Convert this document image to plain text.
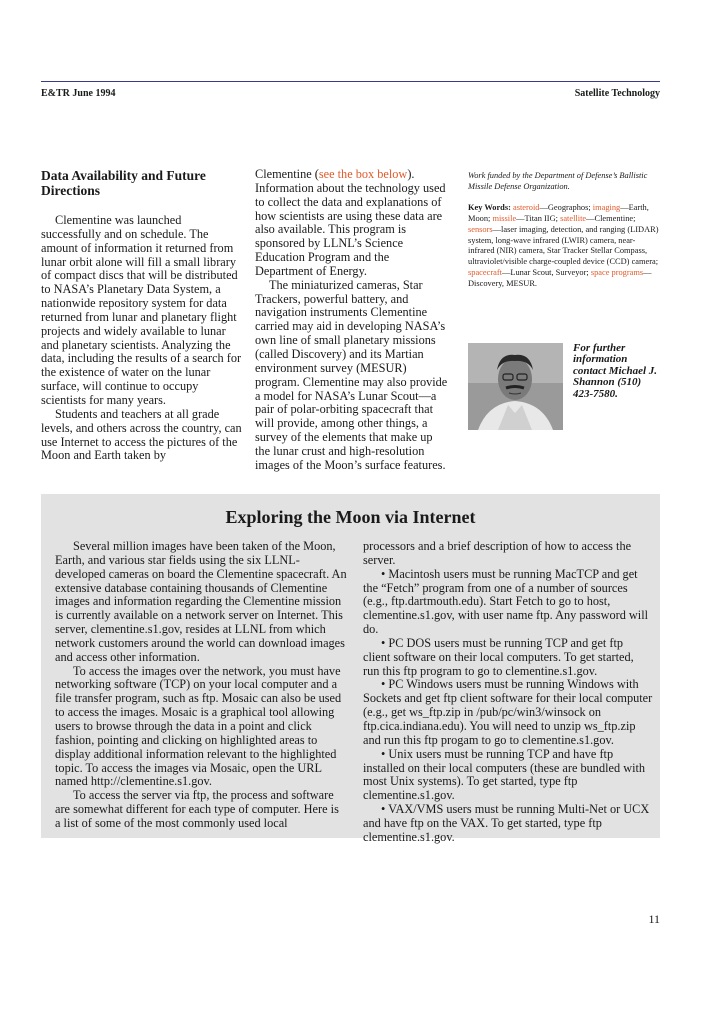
E&TR June 1994	Satellite Technology
Data Availability and Future Directions

Clementine was launched successfully and on schedule. The amount of information it returned from lunar orbit alone will fill a small library of compact discs that will be distributed to NASA’s Planetary Data System, a nationwide repository system for data returned from lunar and planetary flight projects and widely available to lunar and planetary scientists. Analyzing the data, including the results of a search for the existence of water on the lunar surface, will continue to occupy scientists for many years.

Students and teachers at all grade levels, and others across the country, can use Internet to access the pictures of the Moon and Earth taken by

Clementine (see the box below). Information about the technology used to collect the data and explanations of how scientists are using these data are also available. This program is sponsored by LLNL’s Science Education Program and the Department of Energy.

The miniaturized cameras, Star Trackers, powerful battery, and navigation instruments Clementine carried may aid in developing NASA’s own line of small planetary missions (called Discovery) and its Martian environment survey (MESUR) program. Clementine may also provide a model for NASA’s Lunar Scout—a pair of polar-orbiting spacecraft that will provide, among other things, a survey of the elements that make up the lunar crust and high-resolution images of the Moon’s surface features.

Work funded by the Department of Defense’s Ballistic Missile Defense Organization.

Key Words: asteroid—Geographos; imaging—Earth, Moon; missile—Titan IIG; satellite—Clementine; sensors—laser imaging, detection, and ranging (LIDAR) system, long-wave infrared (LWIR) camera, near-infrared (NIR) camera, Star Tracker Stellar Compass, ultraviolet/visible charge-coupled device (CCD) camera; spacecraft—Lunar Scout, Surveyor; space programs—Discovery, MESUR.

For further information contact Michael J. Shannon (510) 423-7580.
Exploring the Moon via Internet

Several million images have been taken of the Moon, Earth, and various star fields using the six LLNL-developed cameras on board the Clementine spacecraft. An extensive database containing thousands of Clementine images and information regarding the Clementine mission is currently available on a network server on Internet. This server, clementine.s1.gov, resides at LLNL from which network customers around the world can download images and access other information.

To access the images over the network, you must have networking software (TCP) on your local computer and a file transfer program, such as ftp. Mosaic can also be used to access the images. Mosaic is a graphical tool allowing users to browse through the data in a point and click fashion, pointing and clicking on highlighted areas to display additional information relevant to the highlighted topic. To access the images via Mosaic, open the URL named http://clementine.s1.gov.

To access the server via ftp, the process and software are somewhat different for each type of computer. Here is a list of some of the most commonly used local

processors and a brief description of how to access the server.

• Macintosh users must be running MacTCP and get the “Fetch” program from one of a number of sources (e.g., ftp.dartmouth.edu). Start Fetch to go to host, clementine.s1.gov, with user name ftp. Any password will do.

• PC DOS users must be running TCP and get ftp client software on their local computers. To get started, run this ftp program to go to clementine.s1.gov.

• PC Windows users must be running Windows with Sockets and get ftp client software for their local computer (e.g., get ws_ftp.zip in /pub/pc/win3/winsock on ftp.cica.indiana.edu). You will need to unzip ws_ftp.zip and run this ftp progam to go to clementine.s1.gov.

• Unix users must be running TCP and have ftp installed on their local computers (these are bundled with most Unix systems). To get started, type ftp clementine.s1.gov.

• VAX/VMS users must be running Multi-Net or UCX and have ftp on the VAX. To get started, type ftp clementine.s1.gov.

11
